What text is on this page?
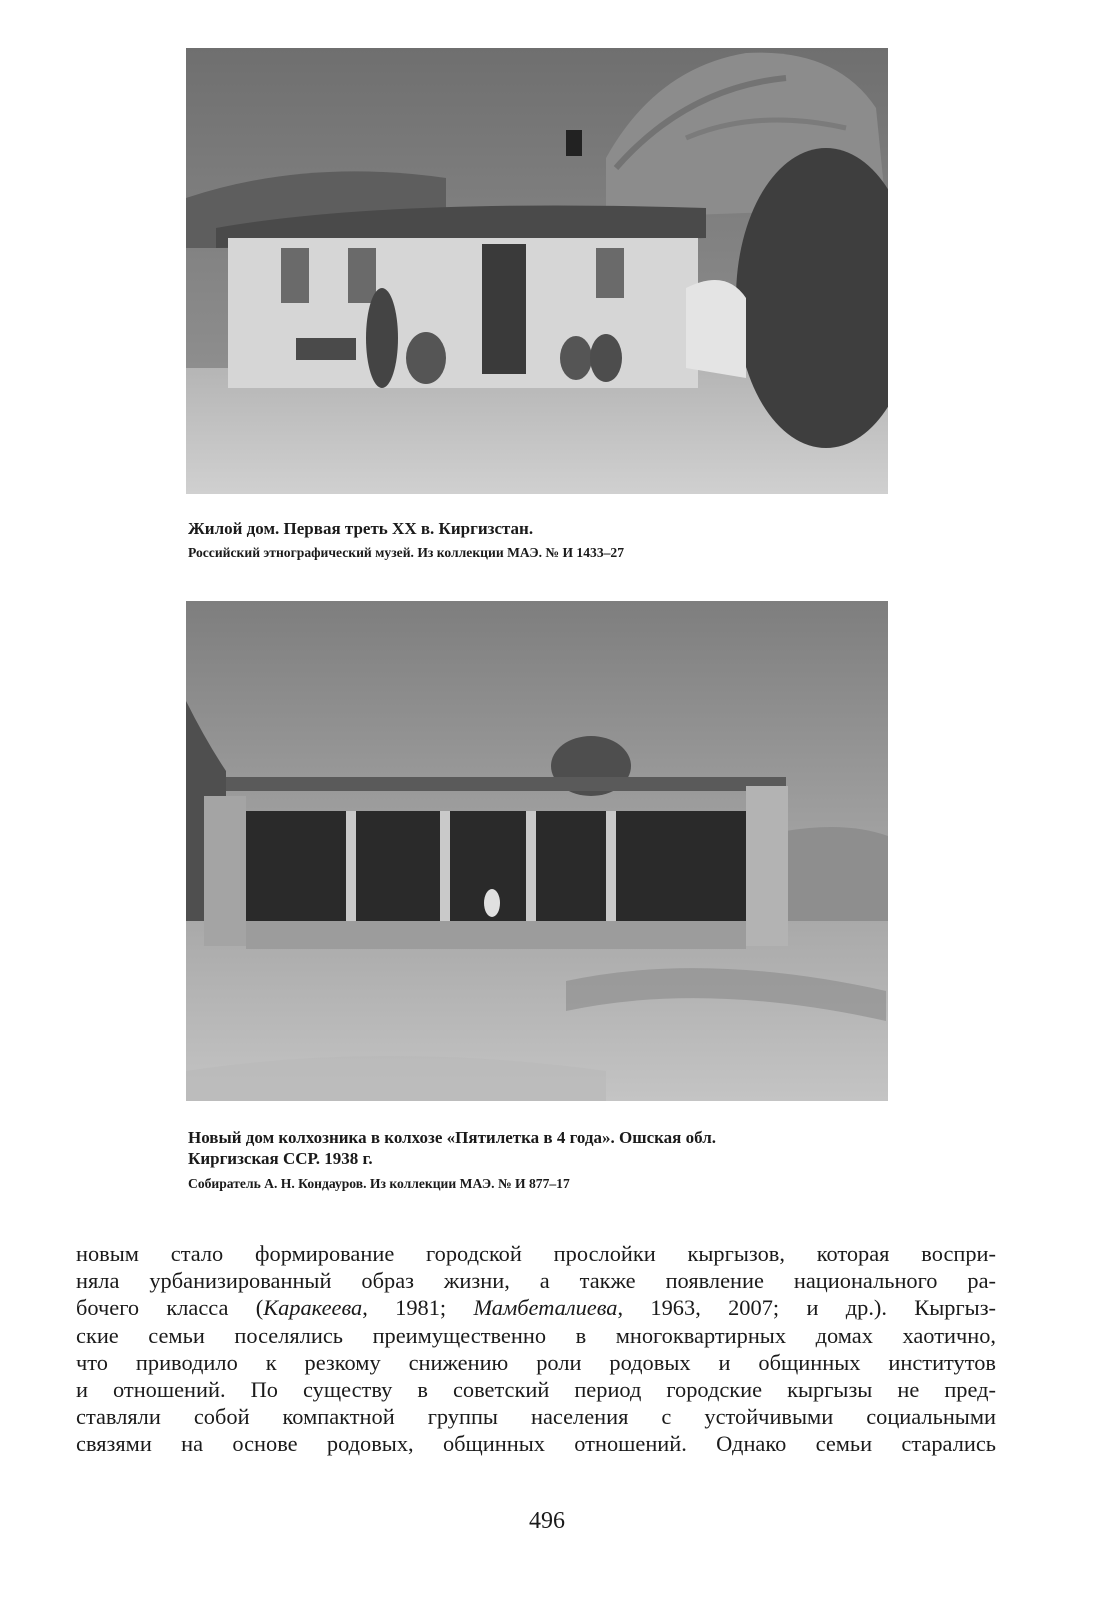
Жилой дом. Первая треть XX в. Киргизстан.
Российский этнографический музей. Из коллекции МАЭ. № И 1433–27
Новый дом колхозника в колхозе «Пятилетка в 4 года». Ошская обл.
Киргизская ССР. 1938 г.
Собиратель А. Н. Кондауров. Из коллекции МАЭ. № И 877–17
новым стало формирование городской прослойки кыргызов, которая воспри-
няла урбанизированный образ жизни, а также появление национального ра-
бочего класса (Каракеева, 1981; Мамбеталиева, 1963, 2007; и др.). Кыргыз-
ские семьи поселялись преимущественно в многоквартирных домах хаотично,
что приводило к резкому снижению роли родовых и общинных институтов
и отношений. По существу в советский период городские кыргызы не пред-
ставляли собой компактной группы населения с устойчивыми социальными
связями на основе родовых, общинных отношений. Однако семьи старались
496
